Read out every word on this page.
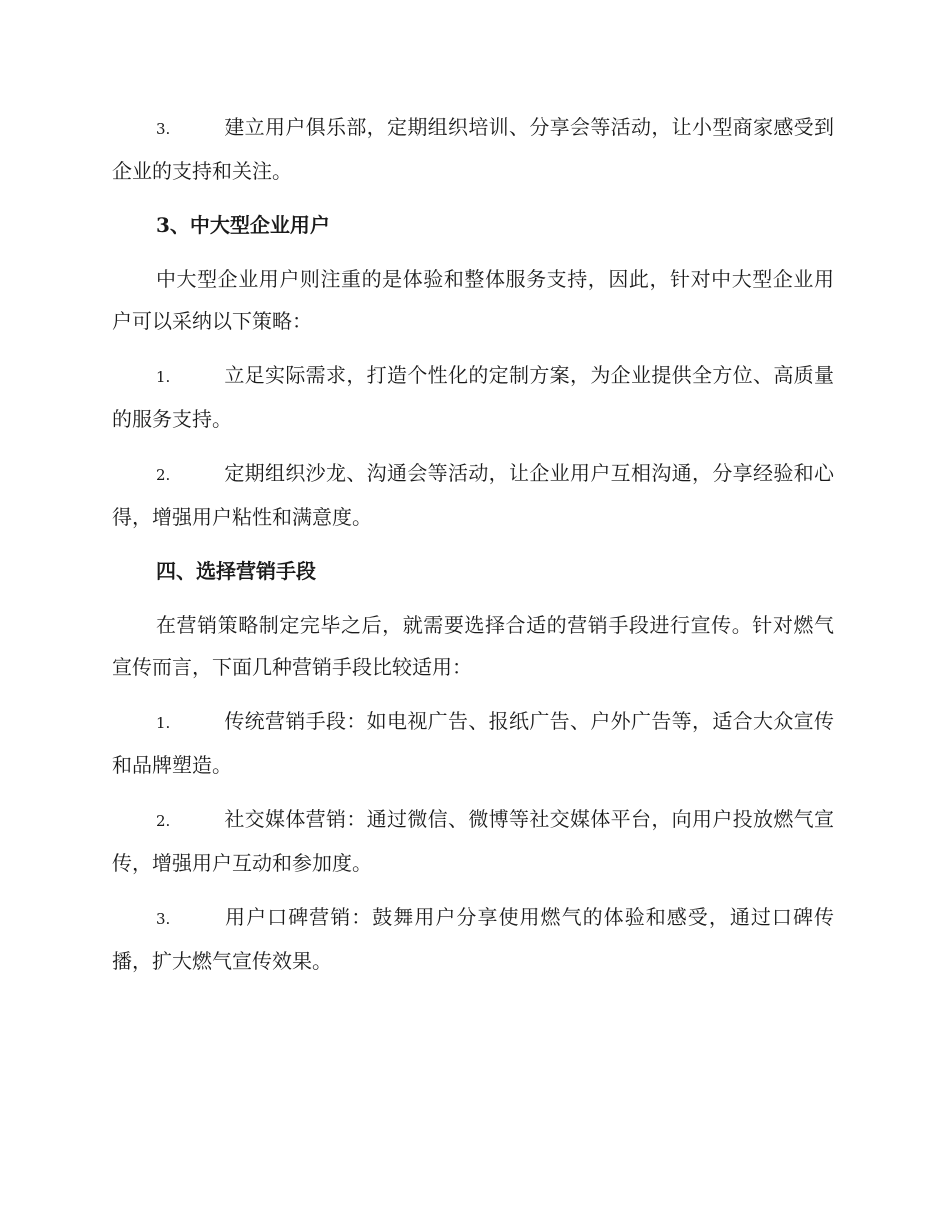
3.	建立用户俱乐部，定期组织培训、分享会等活动，让小型商家感受到企业的支持和关注。

3、中大型企业用户

中大型企业用户则注重的是体验和整体服务支持，因此，针对中大型企业用户可以采纳以下策略：

1.	立足实际需求，打造个性化的定制方案，为企业提供全方位、高质量的服务支持。

2.	定期组织沙龙、沟通会等活动，让企业用户互相沟通，分享经验和心得，增强用户粘性和满意度。

四、选择营销手段

在营销策略制定完毕之后，就需要选择合适的营销手段进行宣传。针对燃气宣传而言，下面几种营销手段比较适用：

1.	传统营销手段：如电视广告、报纸广告、户外广告等，适合大众宣传和品牌塑造。

2.	社交媒体营销：通过微信、微博等社交媒体平台，向用户投放燃气宣传，增强用户互动和参加度。

3.	用户口碑营销：鼓舞用户分享使用燃气的体验和感受，通过口碑传播，扩大燃气宣传效果。
